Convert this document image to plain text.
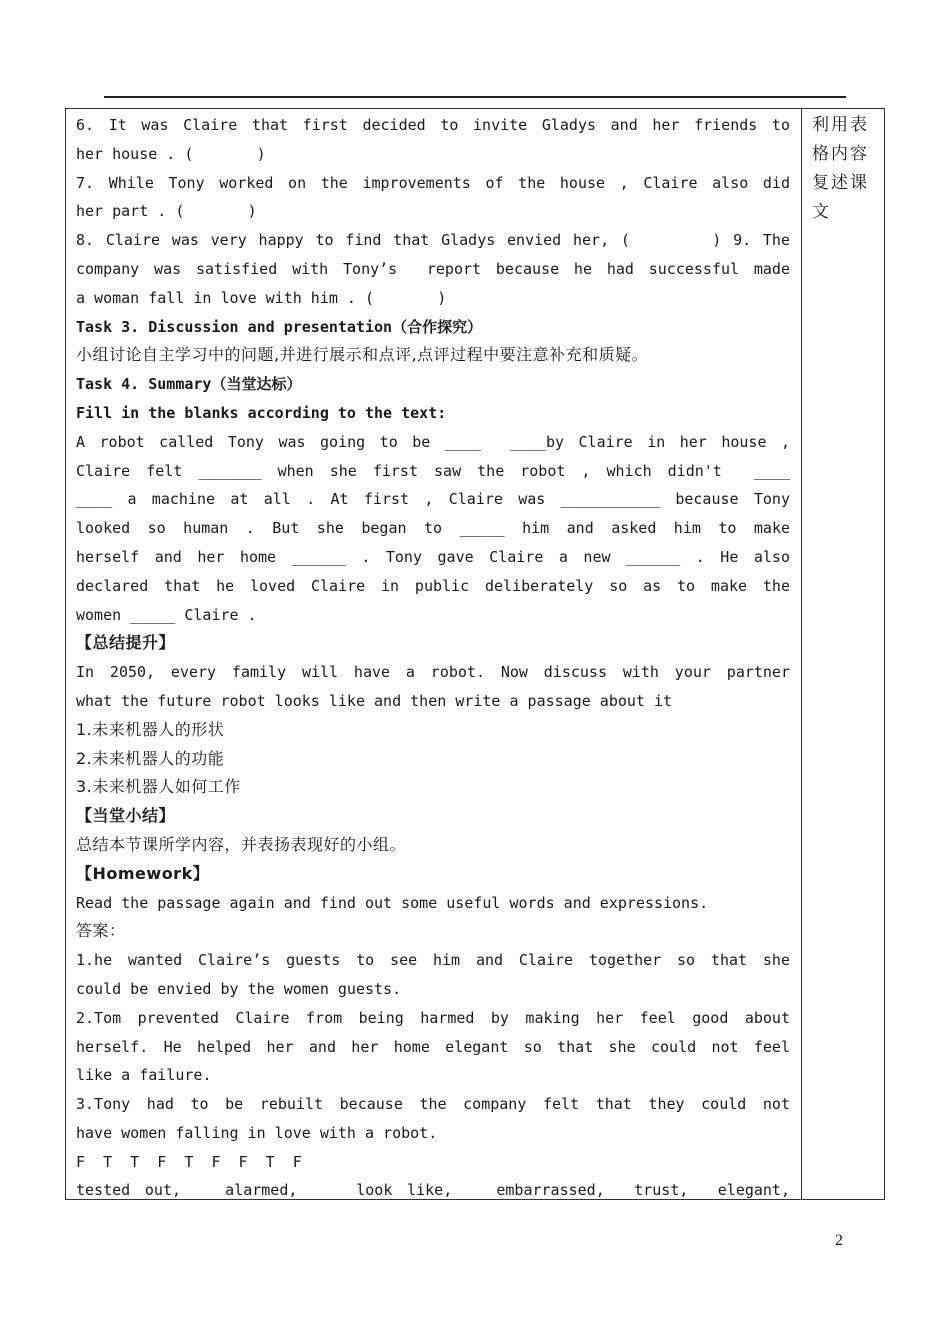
6. It was Claire that first decided to invite Gladys and her friends to
her house . (       )
7. While Tony worked on the improvements of the house , Claire also did
her part . (       )
8. Claire was very happy to find that Gladys envied her, (       ) 9. The
company was satisfied with Tony’s  report because he had successful made
a woman fall in love with him . (       )
Task 3. Discussion and presentation（合作探究）
小组讨论自主学习中的问题,并进行展示和点评,点评过程中要注意补充和质疑。
Task 4. Summary（当堂达标）
Fill in the blanks according to the text:
A robot called Tony was going to be ____  ____by Claire in her house ,
Claire felt _______ when she first saw the robot , which didn't  ____
____ a machine at all . At first , Claire was ___________ because Tony
looked so human . But she began to _____ him and asked him to make
herself and her home ______ . Tony gave Claire a new ______ . He also
declared that he loved Claire in public deliberately so as to make the
women _____ Claire .
【总结提升】
In 2050, every family will have a robot. Now discuss with your partner
what the future robot looks like and then write a passage about it
1.未来机器人的形状
2.未来机器人的功能
3.未来机器人如何工作
【当堂小结】
总结本节课所学内容，并表扬表现好的小组。
【Homework】
Read the passage again and find out some useful words and expressions.
答案：
1.he wanted Claire’s guests to see him and Claire together so that she
could be envied by the women guests.
2.Tom prevented Claire from being harmed by making her feel good about
herself. He helped her and her home elegant so that she could not feel
like a failure.
3.Tony had to be rebuilt because the company felt that they could not
have women falling in love with a robot.
F  T  T  F  T  F  F  T  F
tested out,   alarmed,    look like,   embarrassed,  trust,  elegant,
利用表格内容复述课文
2
